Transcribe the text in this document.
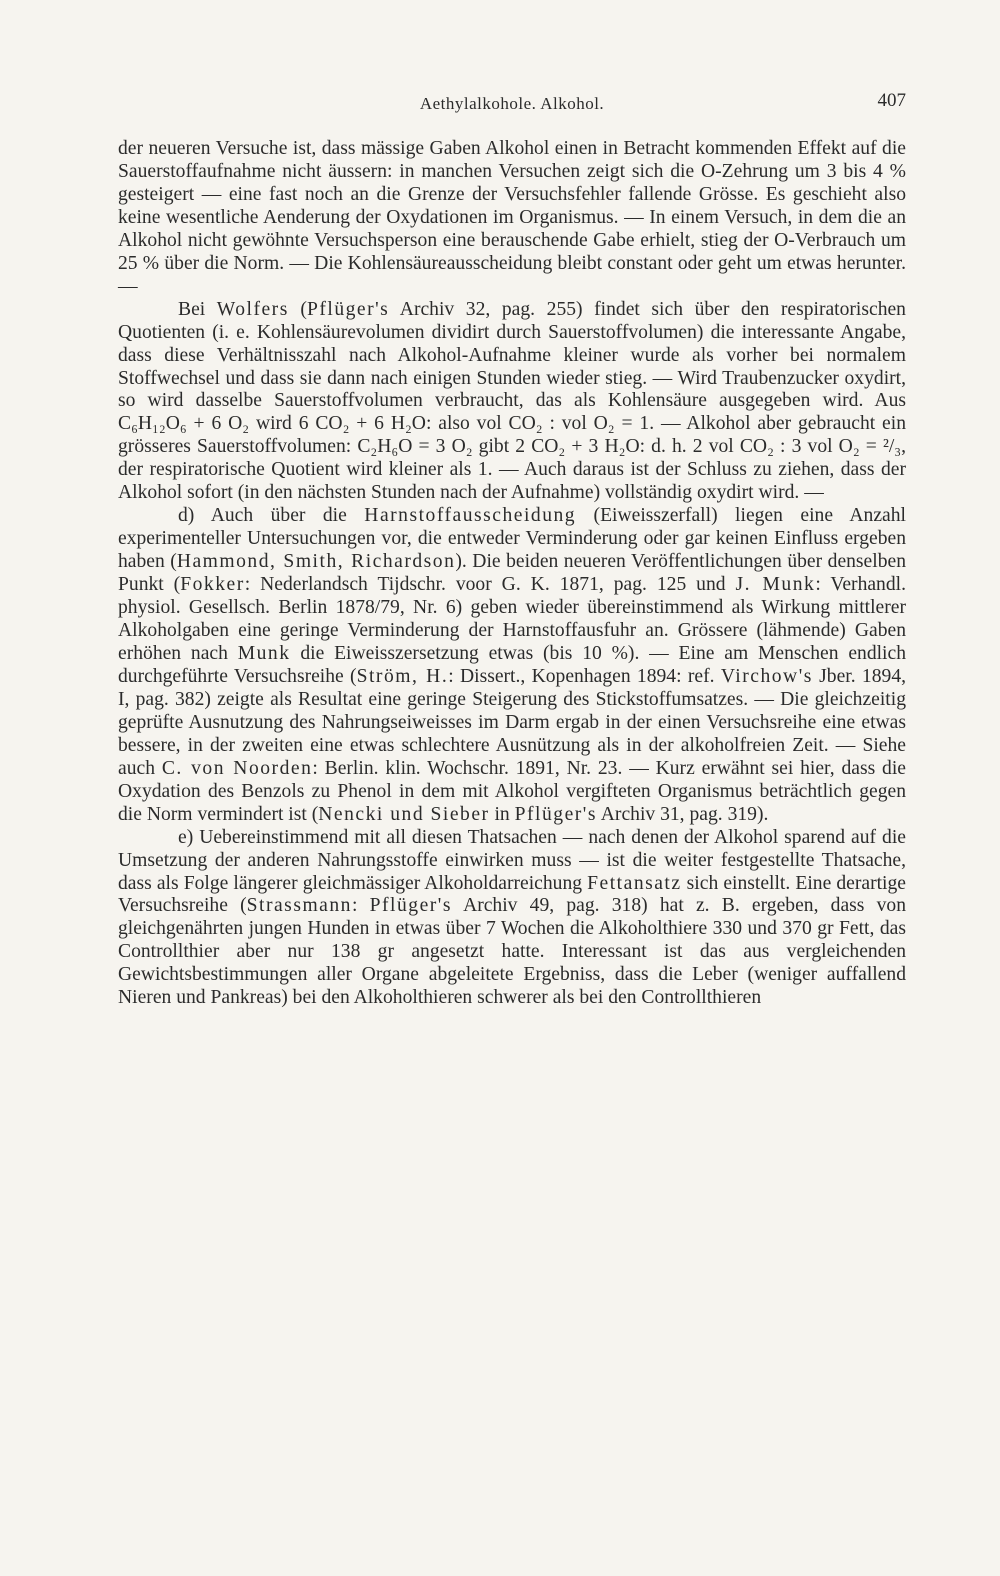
Aethylalkohole. Alkohol.	407

der neueren Versuche ist, dass mässige Gaben Alkohol einen in Betracht kommenden Effekt auf die Sauerstoffaufnahme nicht äussern: in manchen Versuchen zeigt sich die O-Zehrung um 3 bis 4 % gesteigert — eine fast noch an die Grenze der Versuchsfehler fallende Grösse. Es geschieht also keine wesentliche Aenderung der Oxydationen im Organismus. — In einem Versuch, in dem die an Alkohol nicht gewöhnte Versuchsperson eine berauschende Gabe erhielt, stieg der O-Verbrauch um 25 % über die Norm. — Die Kohlensäureausscheidung bleibt constant oder geht um etwas herunter. —

Bei Wolfers (Pflüger's Archiv 32, pag. 255) findet sich über den respiratorischen Quotienten (i. e. Kohlensäurevolumen dividirt durch Sauerstoffvolumen) die interessante Angabe, dass diese Verhältnisszahl nach Alkohol-Aufnahme kleiner wurde als vorher bei normalem Stoffwechsel und dass sie dann nach einigen Stunden wieder stieg. — Wird Traubenzucker oxydirt, so wird dasselbe Sauerstoffvolumen verbraucht, das als Kohlensäure ausgegeben wird. Aus C₆H₁₂O₆ + 6 O₂ wird 6 CO₂ + 6 H₂O: also vol CO₂ : vol O₂ = 1. — Alkohol aber gebraucht ein grösseres Sauerstoffvolumen: C₂H₆O = 3 O₂ gibt 2 CO₂ + 3 H₂O: d. h. 2 vol CO₂ : 3 vol O₂ = ²/₃, der respiratorische Quotient wird kleiner als 1. — Auch daraus ist der Schluss zu ziehen, dass der Alkohol sofort (in den nächsten Stunden nach der Aufnahme) vollständig oxydirt wird. —

d) Auch über die Harnstoffausscheidung (Eiweisszerfall) liegen eine Anzahl experimenteller Untersuchungen vor, die entweder Verminderung oder gar keinen Einfluss ergeben haben (Hammond, Smith, Richardson). Die beiden neueren Veröffentlichungen über denselben Punkt (Fokker: Nederlandsch Tijdschr. voor G. K. 1871, pag. 125 und J. Munk: Verhandl. physiol. Gesellsch. Berlin 1878/79, Nr. 6) geben wieder übereinstimmend als Wirkung mittlerer Alkoholgaben eine geringe Verminderung der Harnstoffausfuhr an. Grössere (lähmende) Gaben erhöhen nach Munk die Eiweisszersetzung etwas (bis 10 %). — Eine am Menschen endlich durchgeführte Versuchsreihe (Ström, H.: Dissert., Kopenhagen 1894: ref. Virchow's Jber. 1894, I, pag. 382) zeigte als Resultat eine geringe Steigerung des Stickstoffumsatzes. — Die gleichzeitig geprüfte Ausnutzung des Nahrungseiweisses im Darm ergab in der einen Versuchsreihe eine etwas bessere, in der zweiten eine etwas schlechtere Ausnützung als in der alkoholfreien Zeit. — Siehe auch C. von Noorden: Berlin. klin. Wochschr. 1891, Nr. 23. — Kurz erwähnt sei hier, dass die Oxydation des Benzols zu Phenol in dem mit Alkohol vergifteten Organismus beträchtlich gegen die Norm vermindert ist (Nencki und Sieber in Pflüger's Archiv 31, pag. 319).

e) Uebereinstimmend mit all diesen Thatsachen — nach denen der Alkohol sparend auf die Umsetzung der anderen Nahrungsstoffe einwirken muss — ist die weiter festgestellte Thatsache, dass als Folge längerer gleichmässiger Alkoholdarreichung Fettansatz sich einstellt. Eine derartige Versuchsreihe (Strassmann: Pflüger's Archiv 49, pag. 318) hat z. B. ergeben, dass von gleichgenährten jungen Hunden in etwas über 7 Wochen die Alkoholthiere 330 und 370 gr Fett, das Controllthier aber nur 138 gr angesetzt hatte. Interessant ist das aus vergleichenden Gewichtsbestimmungen aller Organe abgeleitete Ergebniss, dass die Leber (weniger auffallend Nieren und Pankreas) bei den Alkoholthieren schwerer als bei den Controllthieren
